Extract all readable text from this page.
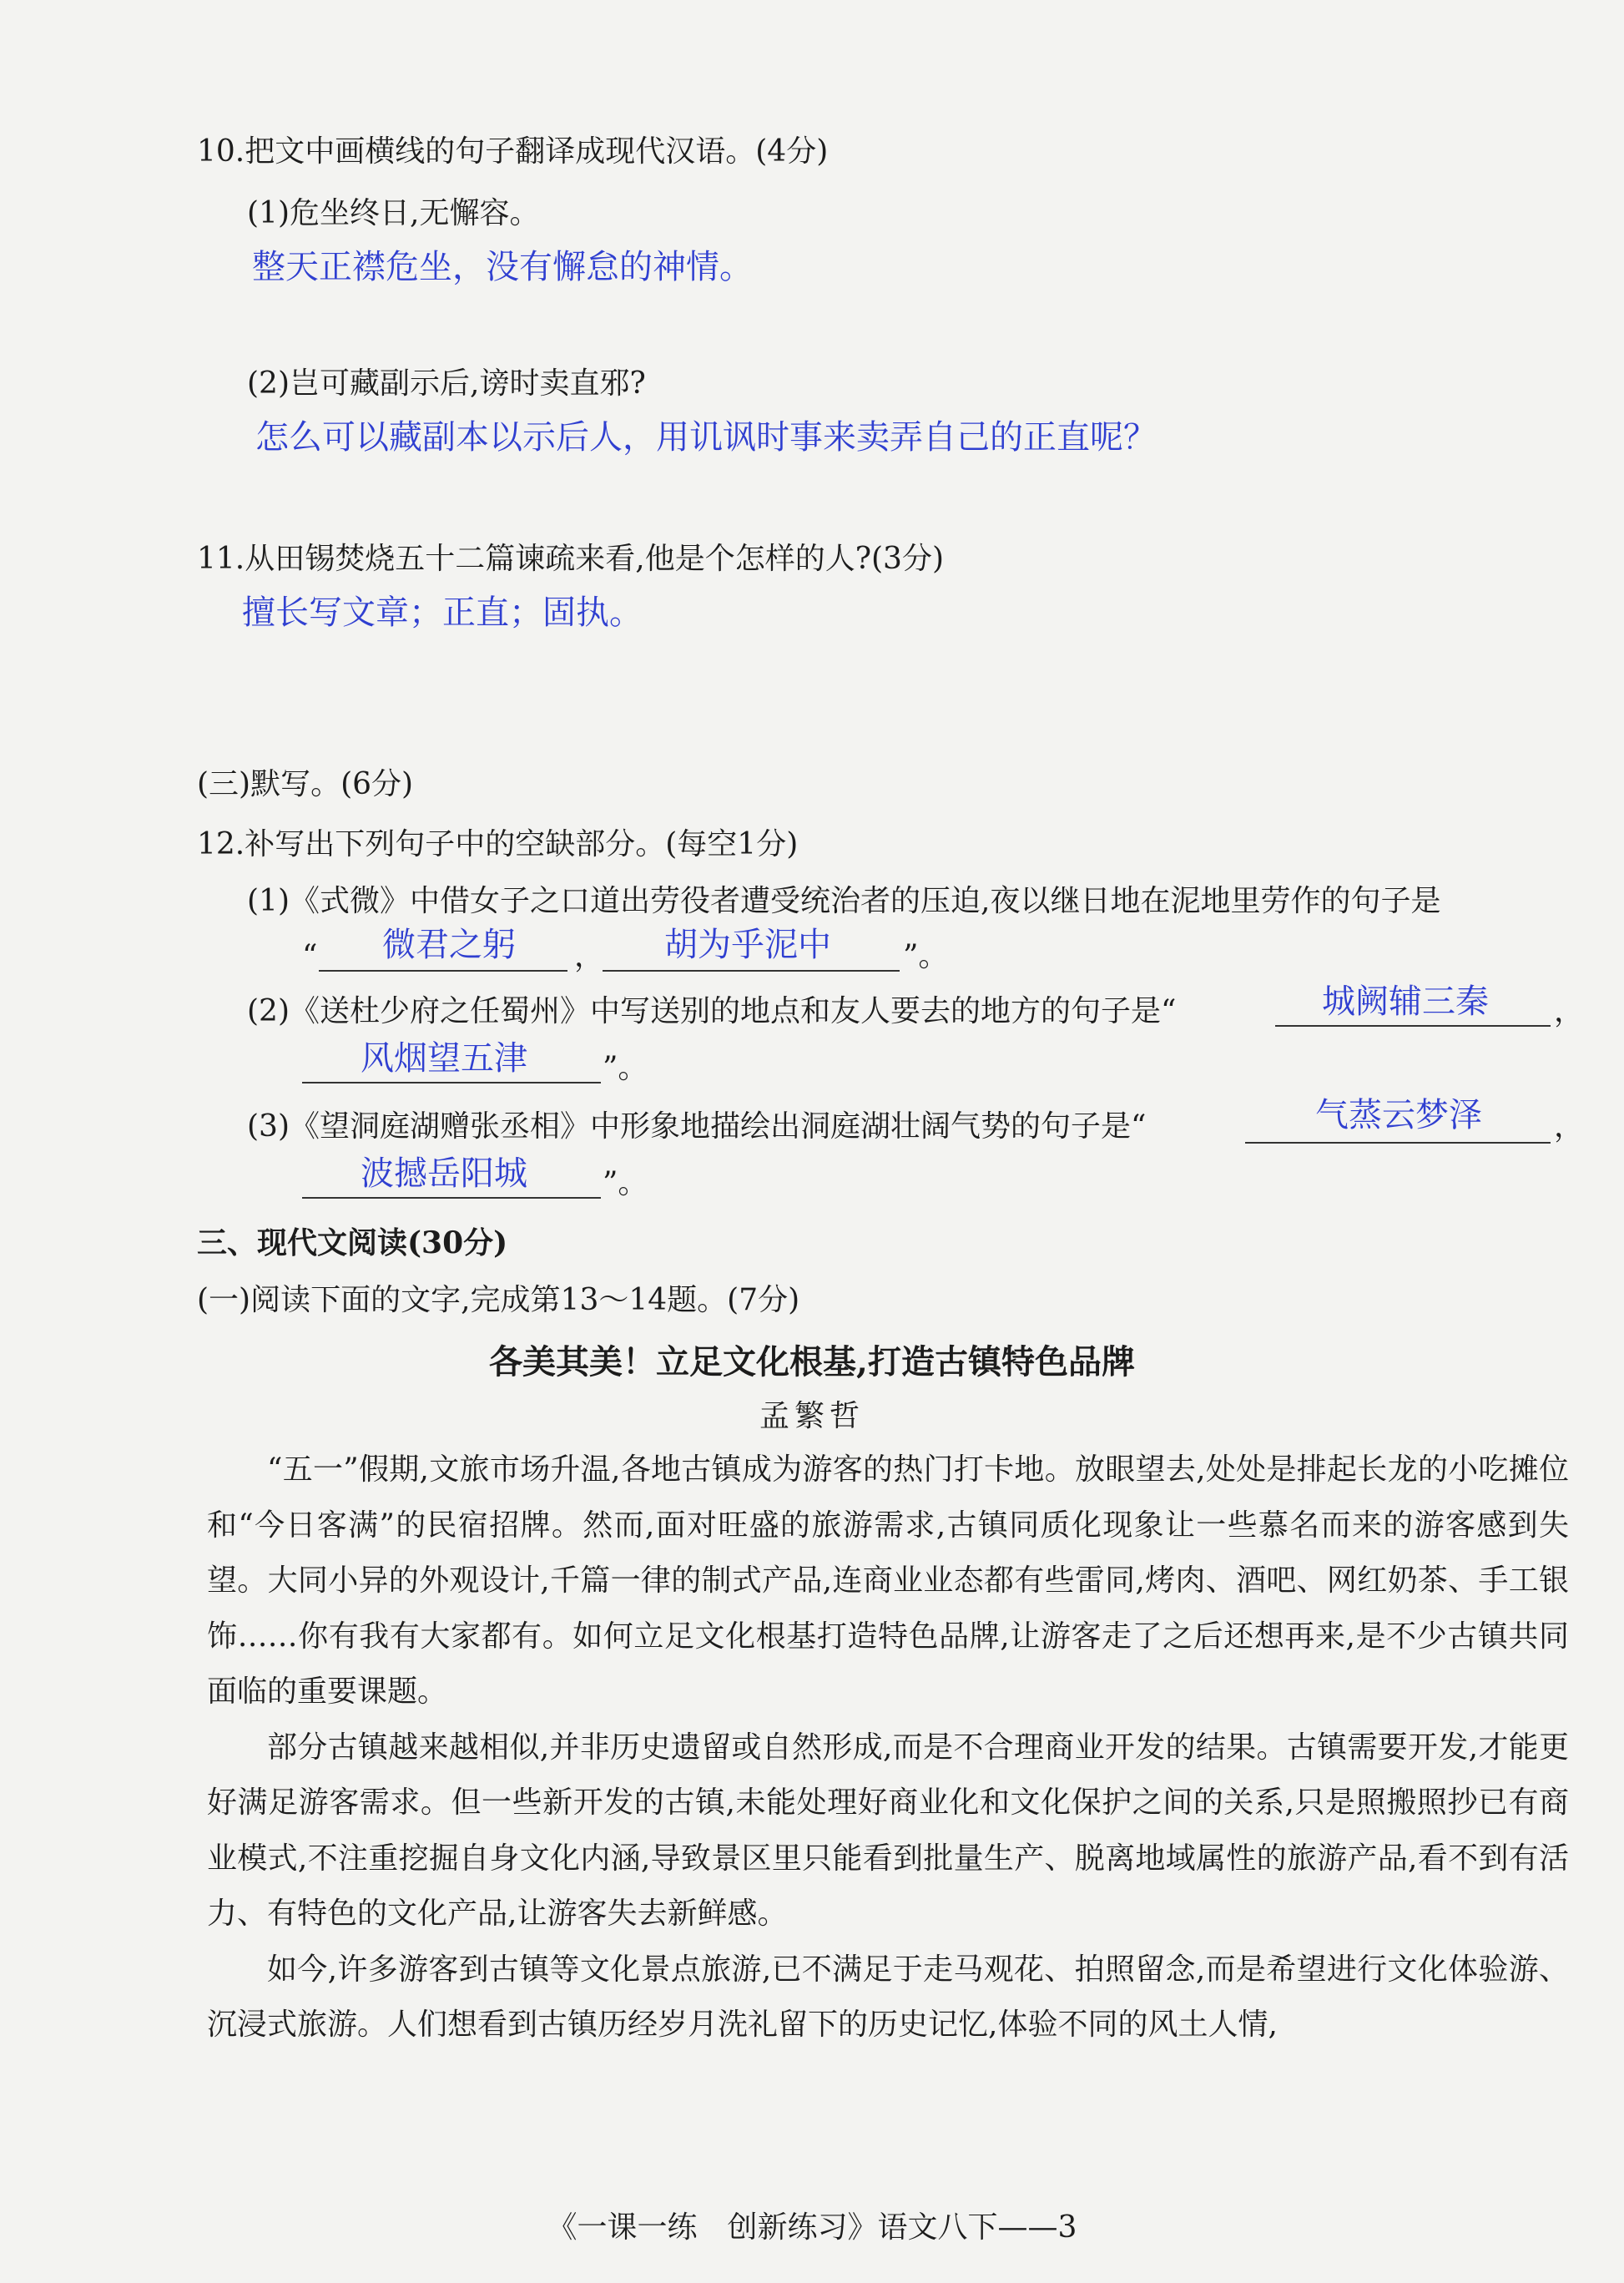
10.把文中画横线的句子翻译成现代汉语。(4分)
(1)危坐终日,无懈容。
整天正襟危坐，没有懈怠的神情。
(2)岂可藏副示后,谤时卖直邪?
怎么可以藏副本以示后人，用讥讽时事来卖弄自己的正直呢？
11.从田锡焚烧五十二篇谏疏来看,他是个怎样的人?(3分)
擅长写文章；正直；固执。
(三)默写。(6分)
12.补写出下列句子中的空缺部分。(每空1分)
(1)《式微》中借女子之口道出劳役者遭受统治者的压迫,夜以继日地在泥地里劳作的句子是
“ 微君之躬 ， 胡为乎泥中 ”。
(2)《送杜少府之任蜀州》中写送别的地点和友人要去的地方的句子是“	城阙辅三秦 ，
风烟望五津	”。
(3)《望洞庭湖赠张丞相》中形象地描绘出洞庭湖壮阔气势的句子是“	气蒸云梦泽 ，
波撼岳阳城	”。
三、现代文阅读(30分)
(一)阅读下面的文字,完成第13～14题。(7分)
各美其美！立足文化根基,打造古镇特色品牌
孟繁哲
“五一”假期,文旅市场升温,各地古镇成为游客的热门打卡地。放眼望去,处处是排起长龙的小吃摊位和“今日客满”的民宿招牌。然而,面对旺盛的旅游需求,古镇同质化现象让一些慕名而来的游客感到失望。大同小异的外观设计,千篇一律的制式产品,连商业业态都有些雷同,烤肉、酒吧、网红奶茶、手工银饰……你有我有大家都有。如何立足文化根基打造特色品牌,让游客走了之后还想再来,是不少古镇共同面临的重要课题。
部分古镇越来越相似,并非历史遗留或自然形成,而是不合理商业开发的结果。古镇需要开发,才能更好满足游客需求。但一些新开发的古镇,未能处理好商业化和文化保护之间的关系,只是照搬照抄已有商业模式,不注重挖掘自身文化内涵,导致景区里只能看到批量生产、脱离地域属性的旅游产品,看不到有活力、有特色的文化产品,让游客失去新鲜感。
如今,许多游客到古镇等文化景点旅游,已不满足于走马观花、拍照留念,而是希望进行文化体验游、沉浸式旅游。人们想看到古镇历经岁月洗礼留下的历史记忆,体验不同的风土人情,
《一课一练　创新练习》语文八下——3
